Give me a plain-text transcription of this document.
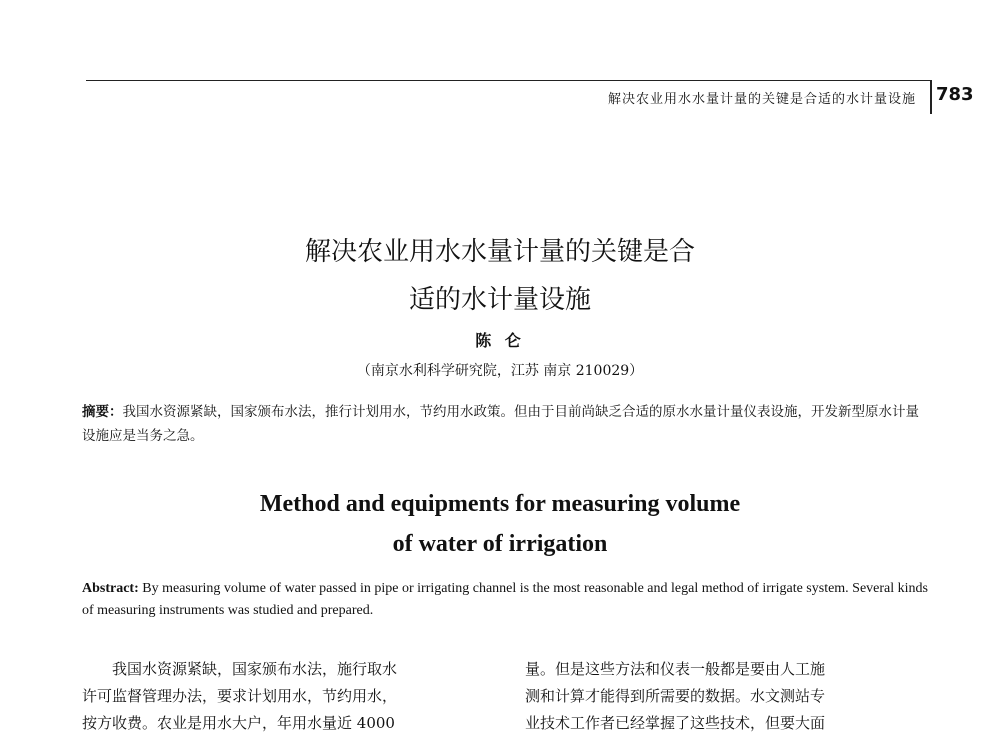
解决农业用水水量计量的关键是合适的水计量设施 783
解决农业用水水量计量的关键是合
适的水计量设施
陈 仑
（南京水利科学研究院，江苏 南京 210029）
摘要：我国水资源紧缺，国家颁布水法，推行计划用水，节约用水政策。但由于目前尚缺乏合适的原水水量计量仪表设施，开发新型原水计量设施应是当务之急。
Method and equipments for measuring volume
of water of irrigation
Abstract: By measuring volume of water passed in pipe or irrigating channel is the most reasonable and legal method of irrigate system. Several kinds of measuring instruments was studied and prepared.
我国水资源紧缺，国家颁布水法，施行取水
许可监督管理办法，要求计划用水，节约用水，
按方收费。农业是用水大户，年用水量近 4000
量。但是这些方法和仪表一般都是要由人工施
测和计算才能得到所需要的数据。水文测站专
业技术工作者已经掌握了这些技术，但要大面
